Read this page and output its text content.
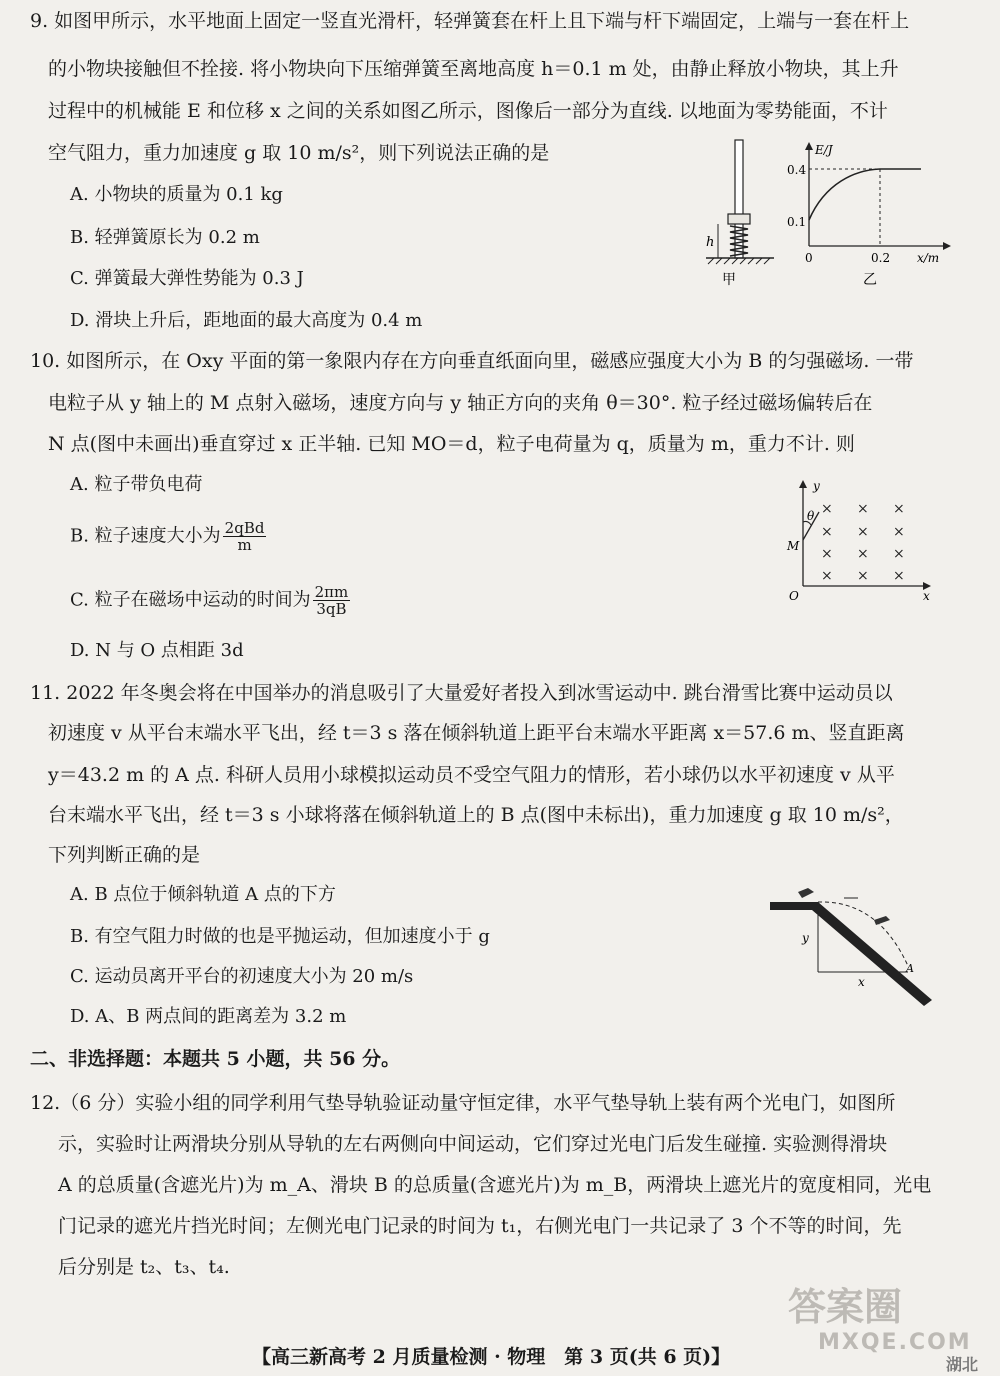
9. 如图甲所示，水平地面上固定一竖直光滑杆，轻弹簧套在杆上且下端与杆下端固定，上端与一套在杆上
的小物块接触但不拴接. 将小物块向下压缩弹簧至离地高度 h＝0.1 m 处，由静止释放小物块，其上升
过程中的机械能 E 和位移 x 之间的关系如图乙所示，图像后一部分为直线. 以地面为零势能面，不计
空气阻力，重力加速度 g 取 10 m/s²，则下列说法正确的是
A. 小物块的质量为 0.1 kg
B. 轻弹簧原长为 0.2 m
C. 弹簧最大弹性势能为 0.3 J
D. 滑块上升后，距地面的最大高度为 0.4 m
h
甲
E/J
0.4
0.1
0	0.2 x/m
乙
10. 如图所示，在 Oxy 平面的第一象限内存在方向垂直纸面向里，磁感应强度大小为 B 的匀强磁场. 一带
电粒子从 y 轴上的 M 点射入磁场，速度方向与 y 轴正方向的夹角 θ＝30°. 粒子经过磁场偏转后在
N 点(图中未画出)垂直穿过 x 正半轴. 已知 MO＝d，粒子电荷量为 q，质量为 m，重力不计. 则
A. 粒子带负电荷
B. 粒子速度大小为 $\frac{\text{2qBd}}{m}$
C. 粒子在磁场中运动的时间为 $\frac{2\pi m}{3qB}$
D. N 与 O 点相距 3d
y
x
O
M
θ × × ×
× × ×
× × ×
× × ×
11. 2022 年冬奥会将在中国举办的消息吸引了大量爱好者投入到冰雪运动中. 跳台滑雪比赛中运动员以
初速度 v 从平台末端水平飞出，经 t＝3 s 落在倾斜轨道上距平台末端水平距离 x＝57.6 m、竖直距离
y＝43.2 m 的 A 点. 科研人员用小球模拟运动员不受空气阻力的情形，若小球仍以水平初速度 v 从平
台末端水平飞出，经 t＝3 s 小球将落在倾斜轨道上的 B 点(图中未标出)，重力加速度 g 取 10 m/s²，
下列判断正确的是
A. B 点位于倾斜轨道 A 点的下方
B. 有空气阻力时做的也是平抛运动，但加速度小于 g
C. 运动员离开平台的初速度大小为 20 m/s
D. A、B 两点间的距离差为 3.2 m
y
x
A
二、非选择题：本题共 5 小题，共 56 分。
12.（6 分）实验小组的同学利用气垫导轨验证动量守恒定律，水平气垫导轨上装有两个光电门，如图所
示，实验时让两滑块分别从导轨的左右两侧向中间运动，它们穿过光电门后发生碰撞. 实验测得滑块
A 的总质量(含遮光片)为 m_A、滑块 B 的总质量(含遮光片)为 m_B，两滑块上遮光片的宽度相同，光电
门记录的遮光片挡光时间；左侧光电门记录的时间为 t₁，右侧光电门一共记录了 3 个不等的时间，先
后分别是 t₂、t₃、t₄.
答案圈
MXQE.COM
【高三新高考 2 月质量检测 · 物理　第 3 页(共 6 页)】	湖北
